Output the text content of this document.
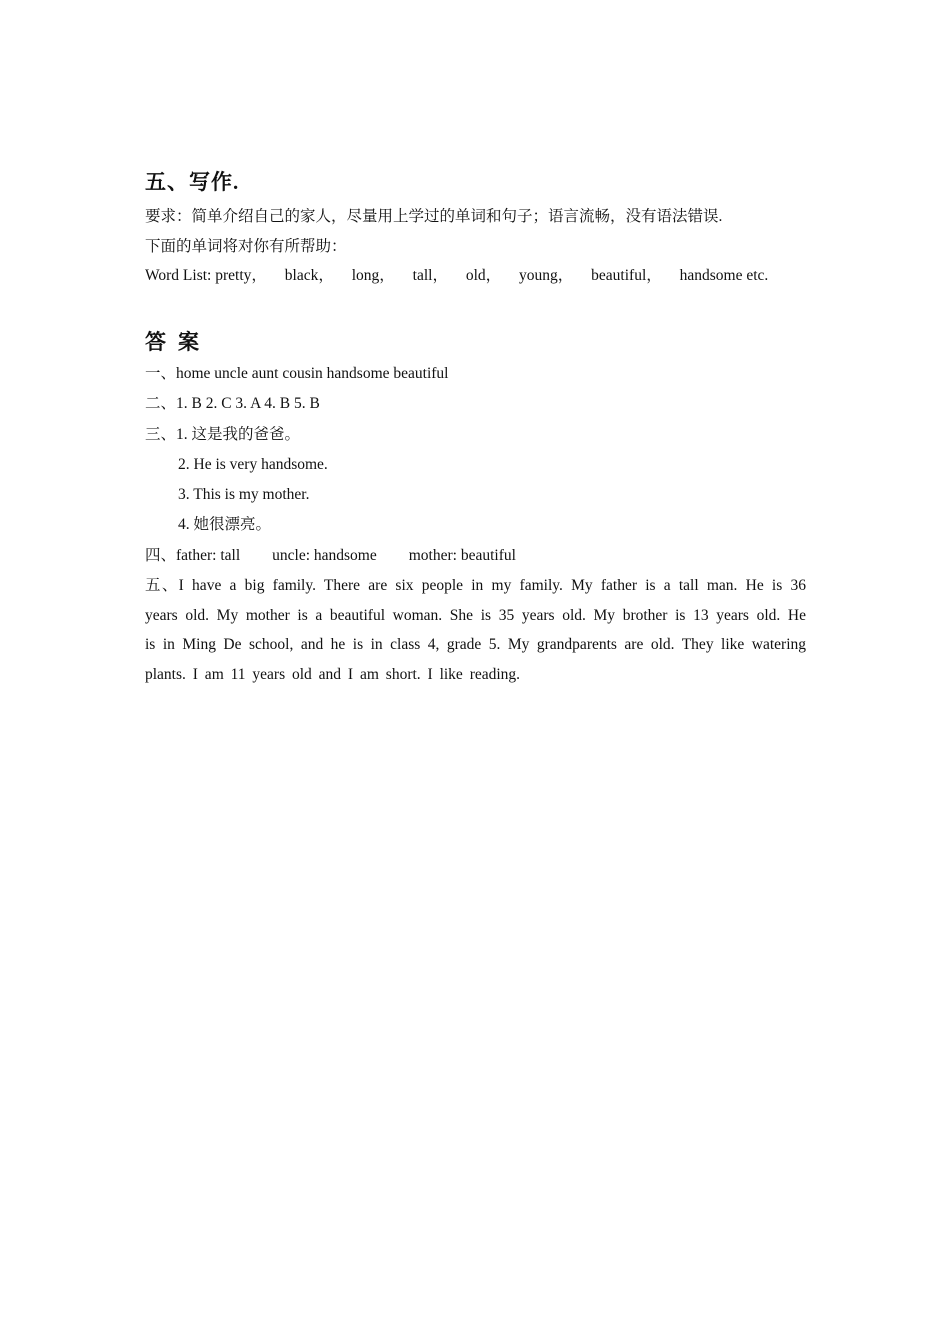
五、写作.
要求：简单介绍自己的家人，尽量用上学过的单词和句子；语言流畅，没有语法错误.
下面的单词将对你有所帮助：
Word List: pretty， black， long， tall， old， young， beautiful， handsome etc.
答案
一、home uncle aunt cousin handsome beautiful
二、1. B 2. C 3. A 4. B 5. B
三、1. 这是我的爸爸。
2. He is very handsome.
3. This is my mother.
4. 她很漂亮。
四、father: tall uncle: handsome mother: beautiful
五、I have a big family. There are six people in my family. My father is a tall man. He is 36 years old. My mother is a beautiful woman. She is 35 years old. My brother is 13 years old. He is in Ming De school, and he is in class 4, grade 5. My grandparents are old. They like watering plants. I am 11 years old and I am short. I like reading.
